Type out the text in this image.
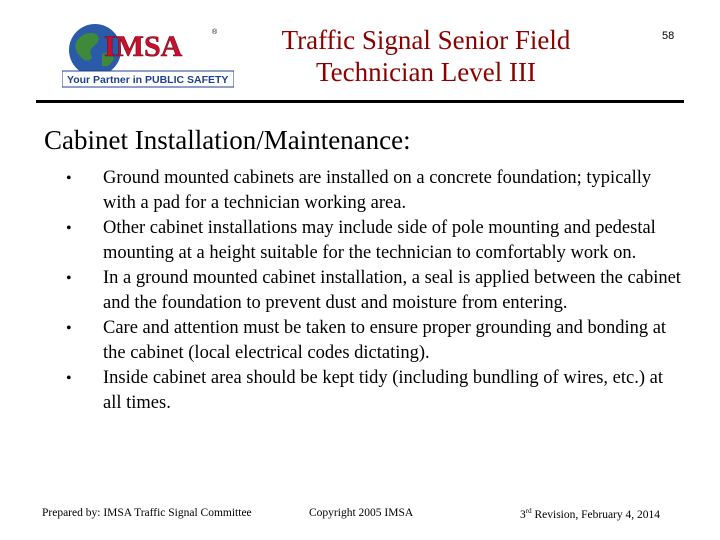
IMSA	®
Your Partner in PUBLIC SAFETY
Traffic Signal Senior Field
Technician Level III
58
Cabinet Installation/Maintenance:
•	Ground mounted cabinets are installed on a concrete foundation; typically with a pad for a technician working area.
•	Other cabinet installations may include side of pole mounting and pedestal mounting at a height suitable for the technician to comfortably work on.
•	In a ground mounted cabinet installation, a seal is applied between the cabinet and the foundation to prevent dust and moisture from entering.
•	Care and attention must be taken to ensure proper grounding and bonding at the cabinet (local electrical codes dictating).
•	Inside cabinet area should be kept tidy (including bundling of wires, etc.) at all times.
Prepared by: IMSA Traffic Signal Committee	Copyright 2005 IMSA	3rd Revision, February 4, 2014
